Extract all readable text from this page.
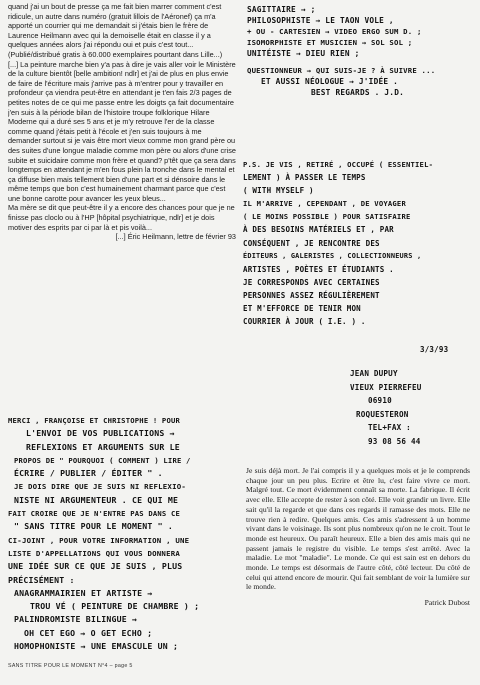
quand j'ai un bout de presse ça me fait bien marrer comment c'est ridicule, un autre dans numéro (gratuit lillois de l'Aéronef) ça m'a apporté un courrier qui me demandait si j'étais bien le frère de Laurence Heilmann avec qui la demoiselle était en classe il y a quelques années alors j'ai répondu oui et puis c'est tout... (Publié/distribué gratis à 60.000 exemplaires pourtant dans Lille...)

[...] La peinture marche bien y'a pas à dire je vais aller voir le Ministère de la culture bientôt [belle ambition! ndlr] et j'ai de plus en plus envie de faire de l'écriture mais j'arrive pas à m'entrer pour y travailler en profondeur ça viendra peut-être en attendant je t'en fais 2/3 pages de petites notes de ce qui me passe entre les doigts ça fait documentaire j'en suis à la période bilan de l'histoire troupe folklorique Hilare Moderne qui a duré ses 5 ans et je m'y retrouve l'er de la classe comme quand j'étais petit à l'école et j'en suis toujours à me demander surtout si je vais être mort vieux comme mon grand père ou des suites d'une longue maladie comme mon père ou alors d'une crise subite et suicidaire comme mon frère et quand? p'têt que ça sera dans longtemps en attendant je m'en fous plein la tronche dans le mental et ça diffuse bien mais tellement bien d'une part et si dénsoire dans le même temps que bon c'est humainement charmant parce que c'est une bonne carotte pour avancer les yeux bleus...

Ma mère se dit que peut-être il y a encore des chances pour que je ne finisse pas cloclo ou à l'HP [hôpital psychiatrique, ndlr] et je dois motiver des esprits par ci par là et pis voilà...

[...] Éric Heilmann, lettre de février 93

SAGITTAIRE → ;
PHILOSOPHISTE → LE TAON VOLE ,
+ OU - CARTESIEN → VIDEO ERGO SUM D. ;
ISOMORPHISTE ET MUSICIEN → SOL SOL ;
UNITÉISTE → DIEU RIEN ;
QUESTIONNEUR → QUI SUIS-JE ? À SUIVRE ...
ET AUSSI NÉOLOGUE → J'IDÉE .
BEST REGARDS . J.D.
P.S. JE VIS , RETIRÉ , OCCUPÉ ( ESSENTIEL-
LEMENT ) À PASSER LE TEMPS
( WITH MYSELF )
IL M'ARRIVE , CEPENDANT , DE VOYAGER
( LE MOINS POSSIBLE ) POUR SATISFAIRE
À DES BESOINS MATÉRIELS ET , PAR
CONSÉQUENT , JE RENCONTRE DES
ÉDITEURS , GALERISTES , COLLECTIONNEURS ,
ARTISTES , POÈTES ET ÉTUDIANTS .
JE CORRESPONDS AVEC CERTAINES
PERSONNES ASSEZ RÉGULIÈREMENT
ET M'EFFORCE DE TENIR MON
COURRIER À JOUR ( I.E. ) .
3/3/93
JEAN DUPUY
VIEUX PIERREFEU
06910
ROQUESTERON
TEL+FAX :
93 08 56 44
MERCI , FRANÇOISE ET CHRISTOPHE ! POUR
L'ENVOI DE VOS PUBLICATIONS →
REFLEXIONS ET ARGUMENTS SUR LE
PROPOS DE " POURQUOI ( COMMENT ) LIRE /
ÉCRIRE / PUBLIER / ÉDITER " .
JE DOIS DIRE QUE JE SUIS NI REFLEXIO-
NISTE NI ARGUMENTEUR . CE QUI ME
FAIT CROIRE QUE JE N'ENTRE PAS DANS CE
" SANS TITRE POUR LE MOMENT " .
CI-JOINT , POUR VOTRE INFORMATION , UNE
LISTE D'APPELLATIONS QUI VOUS DONNERA
UNE IDÉE SUR CE QUE JE SUIS , PLUS
PRÉCISÉMENT :
ANAGRAMMAIRIEN ET ARTISTE →
TROU VÉ ( PEINTURE DE CHAMBRE ) ;
PALINDROMISTE BILINGUE →
OH CET EGO → O GET ECHO ;
HOMOPHONISTE → UNE EMASCULE UN ;

Je suis déjà mort. Je l'ai compris il y a quelques mois et je le comprends chaque jour un peu plus. Ecrire et être lu, c'est faire vivre ce mort. Malgré tout. Ce mort évidemment connaît sa morte. La fabrique. Il écrit avec elle. Elle accepte de rester à son côté. Elle voit grandir un livre. Elle sait qu'il la regarde et que dans ces regards il ramasse des mots. Elle ne trouve rien à redire. Quelques amis. Ces amis s'adressent à un homme vivant dans le voisinage. Ils sont plus nombreux qu'on ne le croit. Tout le monde est heureux. Ou paraît heureux. Elle a bien des amis mais qui ne passent jamais le registre du visible. Le temps s'est arrêté. Avec la maladie. Le mot "maladie". Le monde. Ce qui est sain est en dehors du monde. Le temps est désormais de l'autre côté, côté lecteur. Du côté de celui qui attend encore de mourir. Qui fait semblant de voir la lumière sur le monde.

Patrick Dubost

SANS TITRE POUR LE MOMENT N°4 – page 5
